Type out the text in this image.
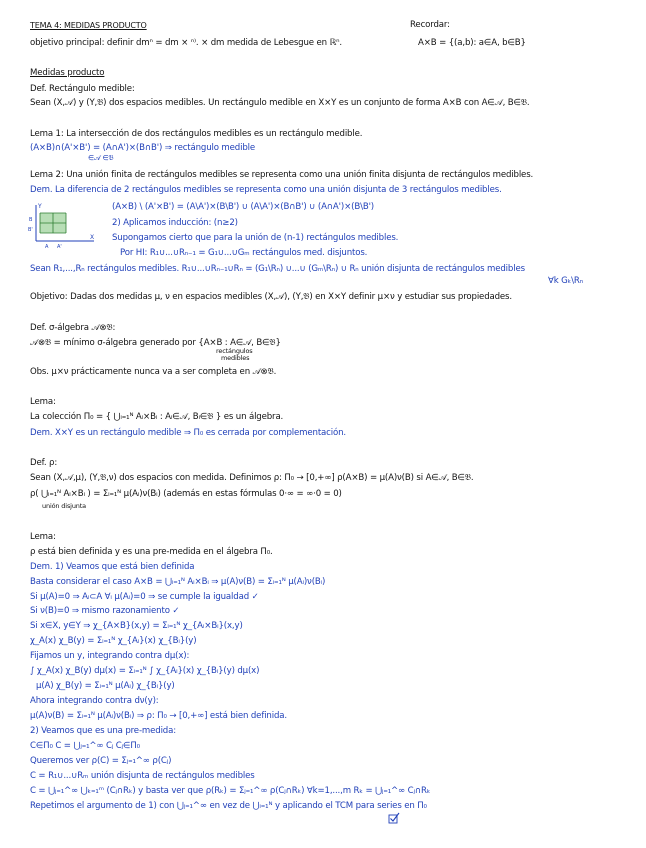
TEMA 4: MEDIDAS PRODUCTO	Recordar:
objetivo principal: definir dmⁿ = dm × ⁿ⁾. × dm medida de Lebesgue en ℝⁿ.	A×B = {(a,b): a∈A, b∈B}
Medidas producto
Def. Rectángulo medible:
Sean (X,𝒜) y (Y,𝔅) dos espacios medibles. Un rectángulo medible en X×Y es un conjunto de forma A×B con A∈𝒜, B∈𝔅.
Lema 1: La intersección de dos rectángulos medibles es un rectángulo medible.
(A×B)∩(A'×B') = (A∩A')×(B∩B') ⇒ rectángulo medible
∈𝒜 ∈𝔅
Lema 2: Una unión finita de rectángulos medibles se representa como una unión finita disjunta de rectángulos medibles.
Dem. La diferencia de 2 rectángulos medibles se representa como una unión disjunta de 3 rectángulos medibles.
(A×B) \ (A'×B') = (A\A')×(B\B') ∪ (A\A')×(B∩B') ∪ (A∩A')×(B\B')
2) Aplicamos inducción: (n≥2)
Supongamos cierto que para la unión de (n-1) rectángulos medibles.
Por HI: R₁∪...∪Rₙ₋₁ = G₁∪...∪Gₘ rectángulos med. disjuntos.
Sean R₁,...,Rₙ rectángulos medibles. R₁∪...∪Rₙ₋₁∪Rₙ = (G₁\Rₙ) ∪...∪ (Gₘ\Rₙ) ∪ Rₙ unión disjunta de rectángulos medibles
∀k Gₖ\Rₙ
Objetivo: Dadas dos medidas μ, ν en espacios medibles (X,𝒜), (Y,𝔅) en X×Y definir μ×ν y estudiar sus propiedades.
Def. σ-álgebra 𝒜⊗𝔅:
𝒜⊗𝔅 = mínimo σ-álgebra generado por {A×B : A∈𝒜, B∈𝔅}
rectángulos
medibles
Obs. μ×ν prácticamente nunca va a ser completa en 𝒜⊗𝔅.
Lema:
La colección Π₀ = { ⋃ᵢ₌₁ᴺ Aᵢ×Bᵢ : Aᵢ∈𝒜, Bᵢ∈𝔅 } es un álgebra.
Dem. X×Y es un rectángulo medible ⇒ Π₀ es cerrada por complementación.
Def. ρ:
Sean (X,𝒜,μ), (Y,𝔅,ν) dos espacios con medida. Definimos ρ: Π₀ → [0,+∞] ρ(A×B) = μ(A)ν(B) si A∈𝒜, B∈𝔅.
ρ( ⋃ᵢ₌₁ᴺ Aᵢ×Bᵢ ) = Σᵢ₌₁ᴺ μ(Aᵢ)ν(Bᵢ) (además en estas fórmulas 0·∞ = ∞·0 = 0)
unión disjunta
Lema:
ρ está bien definida y es una pre-medida en el álgebra Π₀.
Dem. 1) Veamos que está bien definida
Basta considerar el caso A×B = ⋃ᵢ₌₁ᴺ Aᵢ×Bᵢ ⇒ μ(A)ν(B) = Σᵢ₌₁ᴺ μ(Aᵢ)ν(Bᵢ)
Si μ(A)=0 ⇒ Aᵢ⊂A ∀ᵢ μ(Aᵢ)=0 ⇒ se cumple la igualdad ✓
Si ν(B)=0 ⇒ mismo razonamiento ✓
Si x∈X, y∈Y ⇒ χ_{A×B}(x,y) = Σᵢ₌₁ᴺ χ_{Aᵢ×Bᵢ}(x,y)
χ_A(x) χ_B(y) = Σᵢ₌₁ᴺ χ_{Aᵢ}(x) χ_{Bᵢ}(y)
Fijamos un y, integrando contra dμ(x):
∫ χ_A(x) χ_B(y) dμ(x) = Σᵢ₌₁ᴺ ∫ χ_{Aᵢ}(x) χ_{Bᵢ}(y) dμ(x)
μ(A) χ_B(y) = Σᵢ₌₁ᴺ μ(Aᵢ) χ_{Bᵢ}(y)
Ahora integrando contra dν(y):
μ(A)ν(B) = Σᵢ₌₁ᴺ μ(Aᵢ)ν(Bᵢ) ⇒ ρ: Π₀ → [0,+∞] está bien definida.
2) Veamos que es una pre-medida:
C∈Π₀ C = ⋃ⱼ₌₁^∞ Cⱼ Cⱼ∈Π₀
Queremos ver ρ(C) = Σⱼ₌₁^∞ ρ(Cⱼ)
C = R₁∪...∪Rₘ unión disjunta de rectángulos medibles
C = ⋃ⱼ₌₁^∞ ⋃ₖ₌₁ᵐ (Cⱼ∩Rₖ) y basta ver que ρ(Rₖ) = Σⱼ₌₁^∞ ρ(Cⱼ∩Rₖ) ∀k=1,...,m Rₖ = ⋃ⱼ₌₁^∞ Cⱼ∩Rₖ
Repetimos el argumento de 1) con ⋃ⱼ₌₁^∞ en vez de ⋃ᵢ₌₁ᴺ y aplicando el TCM para series en Π₀
Y
X
A A'
B
B'
